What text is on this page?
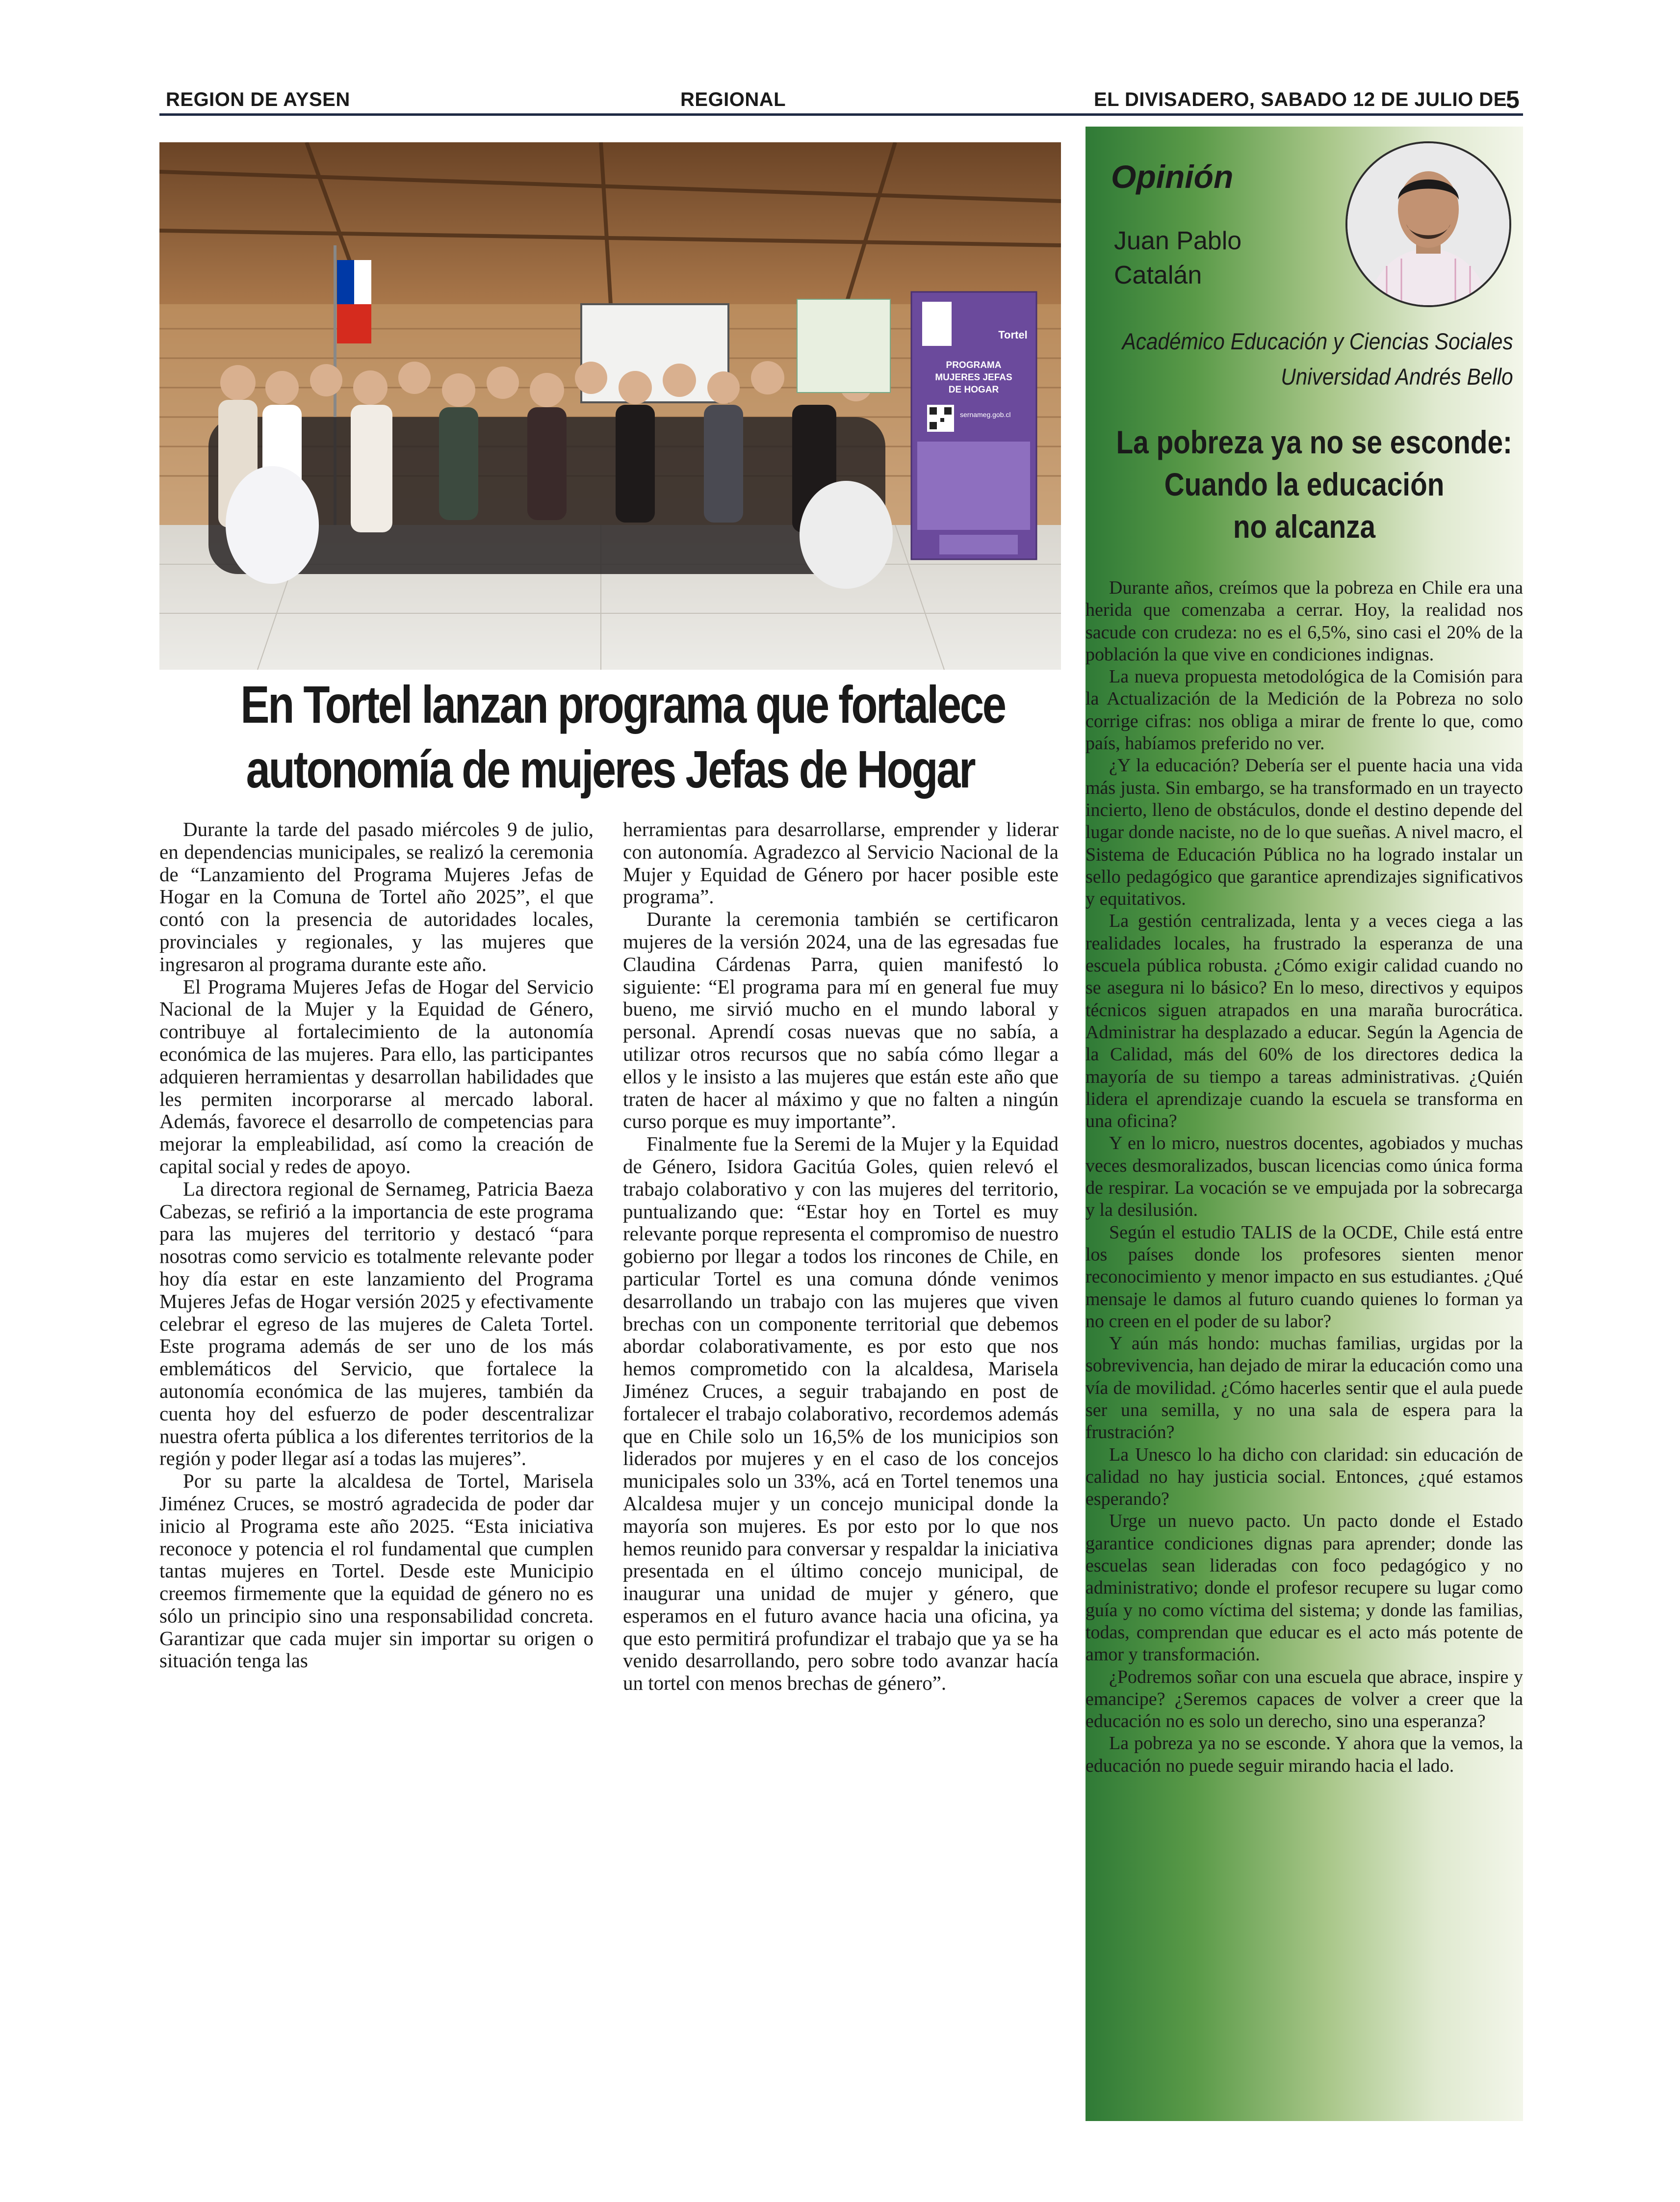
REGION DE AYSEN	REGIONAL	EL DIVISADERO, SABADO 12 DE JULIO DE
5
PROGRAMA
MUJERES JEFAS
DE HOGAR
sernameg.gob.cl
Tortel
En Tortel lanzan programa que fortalece
autonomía de mujeres Jefas de Hogar

Durante la tarde del pasado miércoles 9 de julio, en dependencias municipales, se realizó la ceremonia de “Lanzamiento del Programa Mujeres Jefas de Hogar en la Comuna de Tortel año 2025”, el que contó con la presencia de autoridades locales, provinciales y regionales, y las mujeres que ingresaron al programa durante este año.

El Programa Mujeres Jefas de Hogar del Servicio Nacional de la Mujer y la Equidad de Género, contribuye al fortalecimiento de la autonomía económica de las mujeres. Para ello, las participantes adquieren herramientas y desarrollan habilidades que les permiten incorporarse al mercado laboral. Además, favorece el desarrollo de competencias para mejorar la empleabilidad, así como la creación de capital social y redes de apoyo.

La directora regional de Sernameg, Patricia Baeza Cabezas, se refirió a la importancia de este programa para las mujeres del territorio y destacó “para nosotras como servicio es totalmente relevante poder hoy día estar en este lanzamiento del Programa Mujeres Jefas de Hogar versión 2025 y efectivamente celebrar el egreso de las mujeres de Caleta Tortel. Este programa además de ser uno de los más emblemáticos del Servicio, que fortalece la autonomía económica de las mujeres, también da cuenta hoy del esfuerzo de poder descentralizar nuestra oferta pública a los diferentes territorios de la región y poder llegar así a todas las mujeres”.

Por su parte la alcaldesa de Tortel, Marisela Jiménez Cruces, se mostró agradecida de poder dar inicio al Programa este año 2025. “Esta iniciativa reconoce y potencia el rol fundamental que cumplen tantas mujeres en Tortel. Desde este Municipio creemos firmemente que la equidad de género no es sólo un principio sino una responsabilidad concreta. Garantizar que cada mujer sin importar su origen o situación tenga las

herramientas para desarrollarse, emprender y liderar con autonomía. Agradezco al Servicio Nacional de la Mujer y Equidad de Género por hacer posible este programa”.

Durante la ceremonia también se certificaron mujeres de la versión 2024, una de las egresadas fue Claudina Cárdenas Parra, quien manifestó lo siguiente: “El programa para mí en general fue muy bueno, me sirvió mucho en el mundo laboral y personal. Aprendí cosas nuevas que no sabía, a utilizar otros recursos que no sabía cómo llegar a ellos y le insisto a las mujeres que están este año que traten de hacer al máximo y que no falten a ningún curso porque es muy importante”.

Finalmente fue la Seremi de la Mujer y la Equidad de Género, Isidora Gacitúa Goles, quien relevó el trabajo colaborativo y con las mujeres del territorio, puntualizando que: “Estar hoy en Tortel es muy relevante porque representa el compromiso de nuestro gobierno por llegar a todos los rincones de Chile, en particular Tortel es una comuna dónde venimos desarrollando un trabajo con las mujeres que viven brechas con un componente territorial que debemos abordar colaborativamente, es por esto que nos hemos comprometido con la alcaldesa, Marisela Jiménez Cruces, a seguir trabajando en post de fortalecer el trabajo colaborativo, recordemos además que en Chile solo un 16,5% de los municipios son liderados por mujeres y en el caso de los concejos municipales solo un 33%, acá en Tortel tenemos una Alcaldesa mujer y un concejo municipal donde la mayoría son mujeres. Es por esto por lo que nos hemos reunido para conversar y respaldar la iniciativa presentada en el último concejo municipal, de inaugurar una unidad de mujer y género, que esperamos en el futuro avance hacia una oficina, ya que esto permitirá profundizar el trabajo que ya se ha venido desarrollando, pero sobre todo avanzar hacía un tortel con menos brechas de género”.

Opinión
Juan Pablo
Catalán
Académico Educación y Ciencias Sociales
Universidad Andrés Bello
La pobreza ya no se esconde:
Cuando la educación
no alcanza

Durante años, creímos que la pobreza en Chile era una herida que comenzaba a cerrar. Hoy, la realidad nos sacude con crudeza: no es el 6,5%, sino casi el 20% de la población la que vive en condiciones indignas.

La nueva propuesta metodológica de la Comisión para la Actualización de la Medición de la Pobreza no solo corrige cifras: nos obliga a mirar de frente lo que, como país, habíamos preferido no ver.

¿Y la educación? Debería ser el puente hacia una vida más justa. Sin embargo, se ha transformado en un trayecto incierto, lleno de obstáculos, donde el destino depende del lugar donde naciste, no de lo que sueñas. A nivel macro, el Sistema de Educación Pública no ha logrado instalar un sello pedagógico que garantice aprendizajes significativos y equitativos.

La gestión centralizada, lenta y a veces ciega a las realidades locales, ha frustrado la esperanza de una escuela pública robusta. ¿Cómo exigir calidad cuando no se asegura ni lo básico? En lo meso, directivos y equipos técnicos siguen atrapados en una maraña burocrática. Administrar ha desplazado a educar. Según la Agencia de la Calidad, más del 60% de los directores dedica la mayoría de su tiempo a tareas administrativas. ¿Quién lidera el aprendizaje cuando la escuela se transforma en una oficina?

Y en lo micro, nuestros docentes, agobiados y muchas veces desmoralizados, buscan licencias como única forma de respirar. La vocación se ve empujada por la sobrecarga y la desilusión.

Según el estudio TALIS de la OCDE, Chile está entre los países donde los profesores sienten menor reconocimiento y menor impacto en sus estudiantes. ¿Qué mensaje le damos al futuro cuando quienes lo forman ya no creen en el poder de su labor?

Y aún más hondo: muchas familias, urgidas por la sobrevivencia, han dejado de mirar la educación como una vía de movilidad. ¿Cómo hacerles sentir que el aula puede ser una semilla, y no una sala de espera para la frustración?

La Unesco lo ha dicho con claridad: sin educación de calidad no hay justicia social. Entonces, ¿qué estamos esperando?

Urge un nuevo pacto. Un pacto donde el Estado garantice condiciones dignas para aprender; donde las escuelas sean lideradas con foco pedagógico y no administrativo; donde el profesor recupere su lugar como guía y no como víctima del sistema; y donde las familias, todas, comprendan que educar es el acto más potente de amor y transformación.

¿Podremos soñar con una escuela que abrace, inspire y emancipe? ¿Seremos capaces de volver a creer que la educación no es solo un derecho, sino una esperanza?

La pobreza ya no se esconde. Y ahora que la vemos, la educación no puede seguir mirando hacia el lado.
